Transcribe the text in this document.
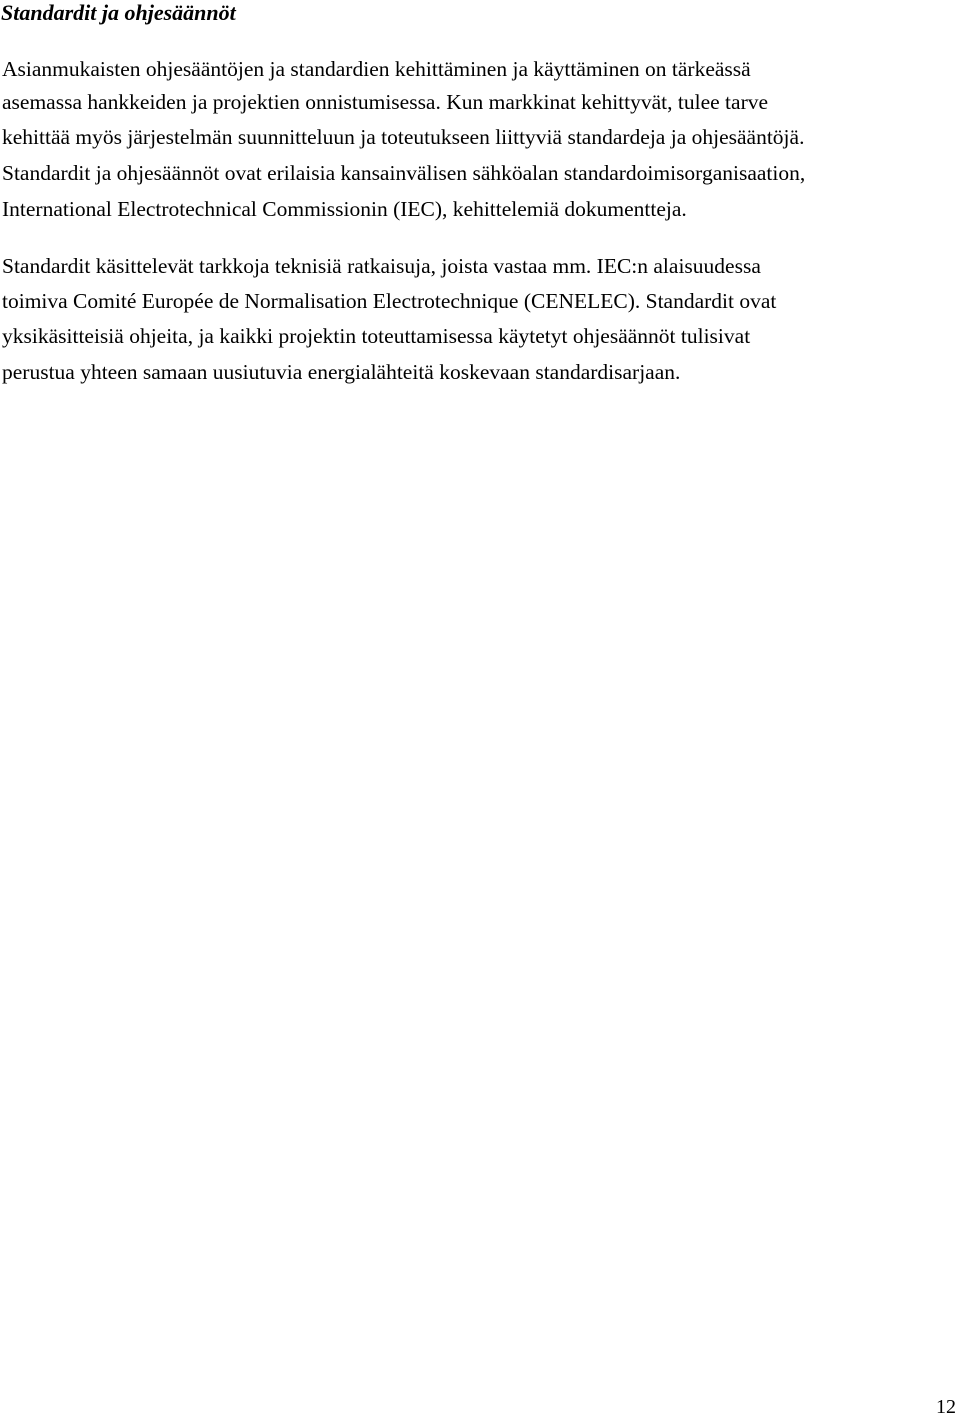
Standardit ja ohjesäännöt

Asianmukaisten ohjesääntöjen ja standardien kehittäminen ja käyttäminen on tärkeässä

asemassa hankkeiden ja projektien onnistumisessa. Kun markkinat kehittyvät, tulee tarve

kehittää myös järjestelmän suunnitteluun ja toteutukseen liittyviä standardeja ja ohjesääntöjä.

Standardit ja ohjesäännöt ovat erilaisia kansainvälisen sähköalan standardoimisorganisaation,

International Electrotechnical Commissionin (IEC), kehittelemiä dokumentteja.

Standardit käsittelevät tarkkoja teknisiä ratkaisuja, joista vastaa mm. IEC:n alaisuudessa

toimiva Comité Europée de Normalisation Electrotechnique (CENELEC). Standardit ovat

yksikäsitteisiä ohjeita, ja kaikki projektin toteuttamisessa käytetyt ohjesäännöt tulisivat

perustua yhteen samaan uusiutuvia energialähteitä koskevaan standardisarjaan.

12
